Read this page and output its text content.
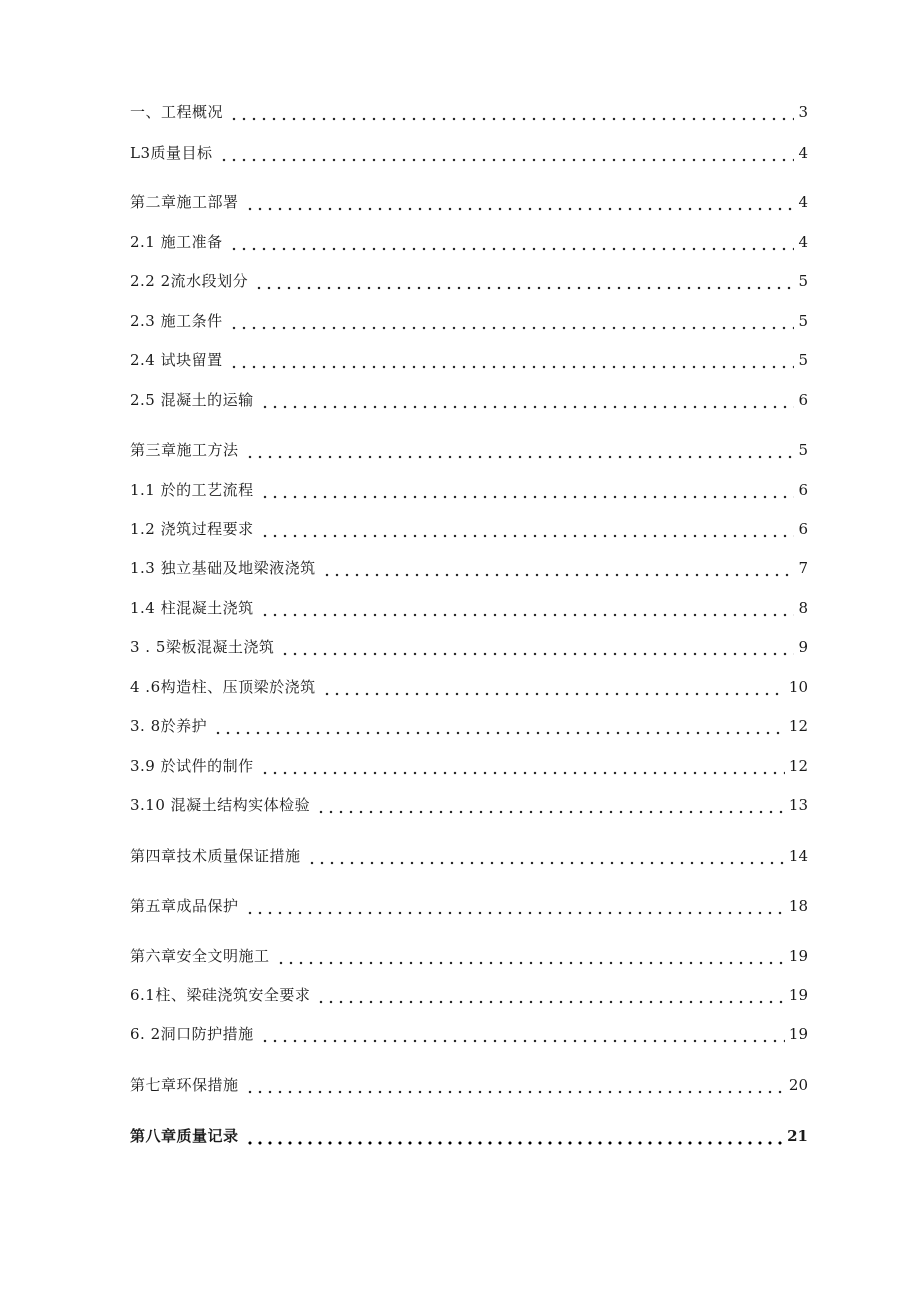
一、工程概况	3
L3质量目标	4
第二章施工部署	4
2.1 施工准备	4
2.2 2流水段划分	5
2.3 施工条件	5
2.4 试块留置	5
2.5 混凝土的运输	6
第三章施工方法	5
1.1 於的工艺流程	6
1.2 浇筑过程要求	6
1.3 独立基础及地梁液浇筑	7
1.4 柱混凝土浇筑	8
3 . 5梁板混凝土浇筑	9
4 .6构造柱、压顶梁於浇筑	10
3. 8於养护	12
3.9 於试件的制作	12
3.10 混凝土结构实体检验	13
第四章技术质量保证措施	14
第五章成品保护	18
第六章安全文明施工	19
6.1柱、梁硅浇筑安全要求	19
6. 2洞口防护措施	19
第七章环保措施	20
第八章质量记录	21
